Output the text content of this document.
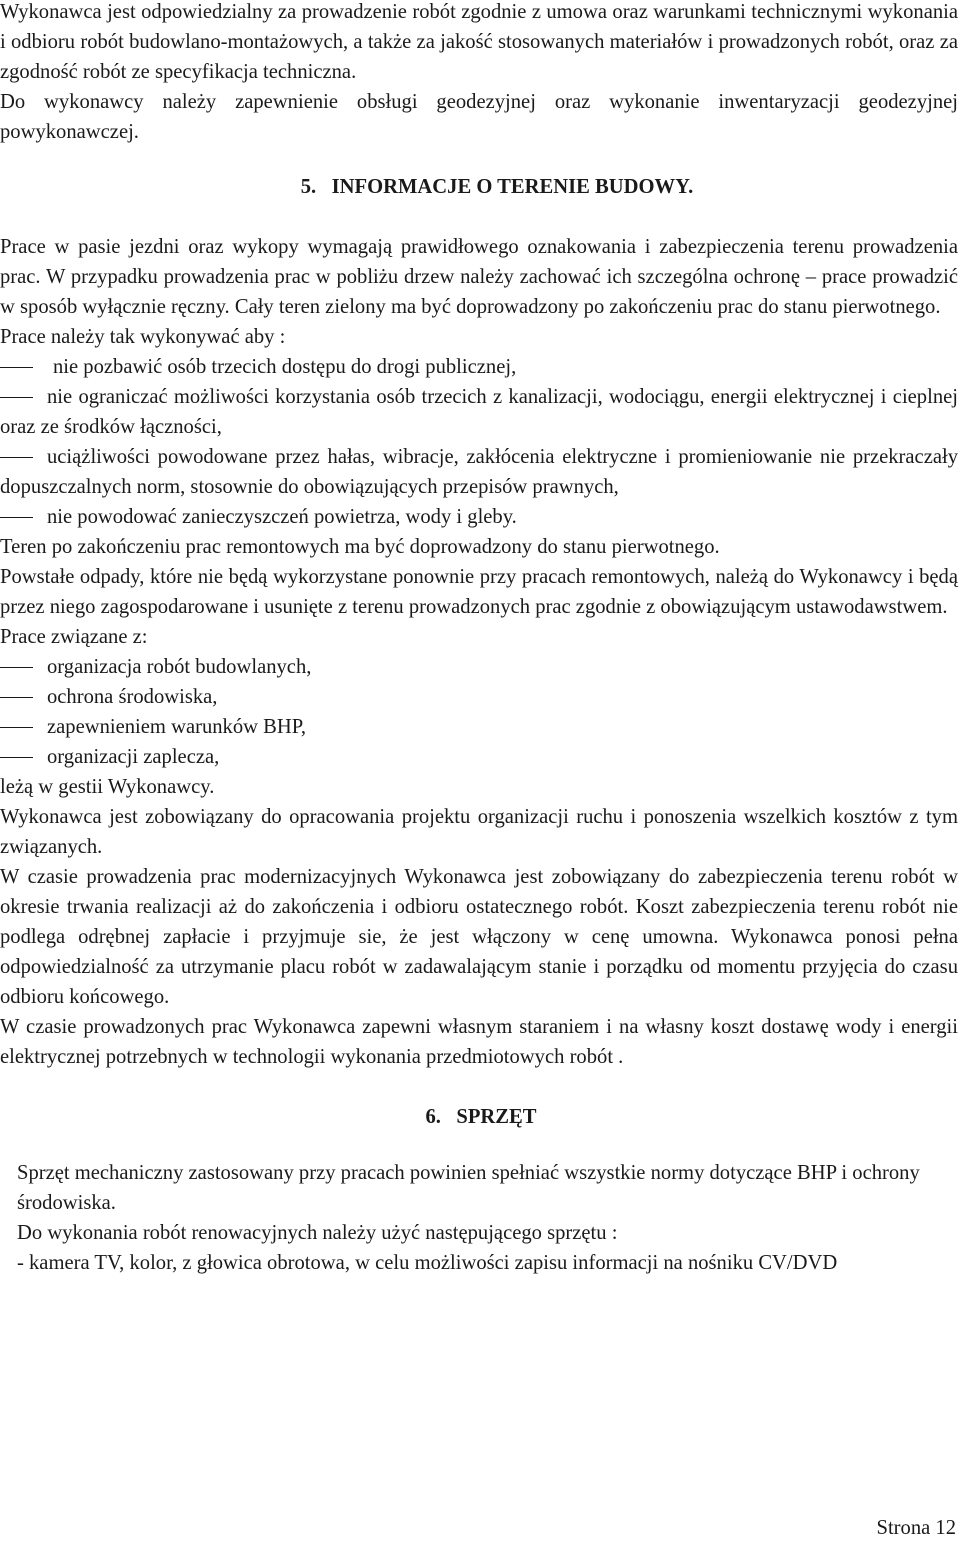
Wykonawca jest odpowiedzialny za prowadzenie robót zgodnie z umowa oraz warunkami technicznymi wykonania i odbioru robót budowlano-montażowych, a także za jakość stosowanych materiałów i prowadzonych robót, oraz za zgodność robót ze specyfikacja techniczna.

Do wykonawcy należy zapewnienie obsługi geodezyjnej oraz wykonanie inwentaryzacji geodezyjnej powykonawczej.

5.   INFORMACJE O TERENIE BUDOWY.

Prace w pasie jezdni oraz wykopy wymagają prawidłowego oznakowania i zabezpieczenia terenu prowadzenia prac. W przypadku prowadzenia prac w pobliżu drzew należy zachować ich szczególna ochronę – prace prowadzić w sposób wyłącznie ręczny. Cały teren zielony ma być doprowadzony po zakończeniu prac do stanu pierwotnego.

Prace należy tak wykonywać aby :

nie pozbawić osób trzecich dostępu do drogi publicznej,

nie ograniczać możliwości korzystania osób trzecich z kanalizacji, wodociągu, energii elektrycznej i cieplnej oraz ze środków łączności,

uciążliwości powodowane przez hałas, wibracje, zakłócenia elektryczne i promieniowanie nie przekraczały dopuszczalnych norm, stosownie do obowiązujących przepisów prawnych,

nie powodować zanieczyszczeń powietrza, wody i gleby.

Teren po zakończeniu prac remontowych ma być doprowadzony do stanu pierwotnego.

Powstałe odpady, które nie będą wykorzystane ponownie przy pracach remontowych, należą do Wykonawcy i będą przez niego zagospodarowane i usunięte z terenu prowadzonych prac zgodnie z obowiązującym ustawodawstwem.

Prace związane z:

organizacja robót budowlanych,

ochrona środowiska,

zapewnieniem warunków BHP,

organizacji zaplecza,

leżą w gestii Wykonawcy.

Wykonawca jest zobowiązany do opracowania projektu organizacji ruchu i ponoszenia wszelkich kosztów z tym związanych.

W czasie prowadzenia prac modernizacyjnych Wykonawca jest zobowiązany do zabezpieczenia terenu robót w okresie trwania realizacji aż do zakończenia i odbioru ostatecznego robót. Koszt zabezpieczenia terenu robót nie podlega odrębnej zapłacie i przyjmuje sie, że jest włączony w cenę umowna. Wykonawca ponosi pełna odpowiedzialność za utrzymanie placu robót w zadawalającym stanie i porządku od momentu przyjęcia do czasu odbioru końcowego.

W czasie prowadzonych prac Wykonawca zapewni własnym staraniem i na własny koszt dostawę wody i energii elektrycznej potrzebnych w technologii wykonania przedmiotowych robót .

6.   SPRZĘT

Sprzęt mechaniczny zastosowany przy pracach powinien spełniać wszystkie normy dotyczące BHP i ochrony środowiska.

Do wykonania robót renowacyjnych należy użyć następującego sprzętu :

- kamera TV, kolor, z głowica obrotowa, w celu możliwości zapisu informacji na nośniku CV/DVD

Strona 12
